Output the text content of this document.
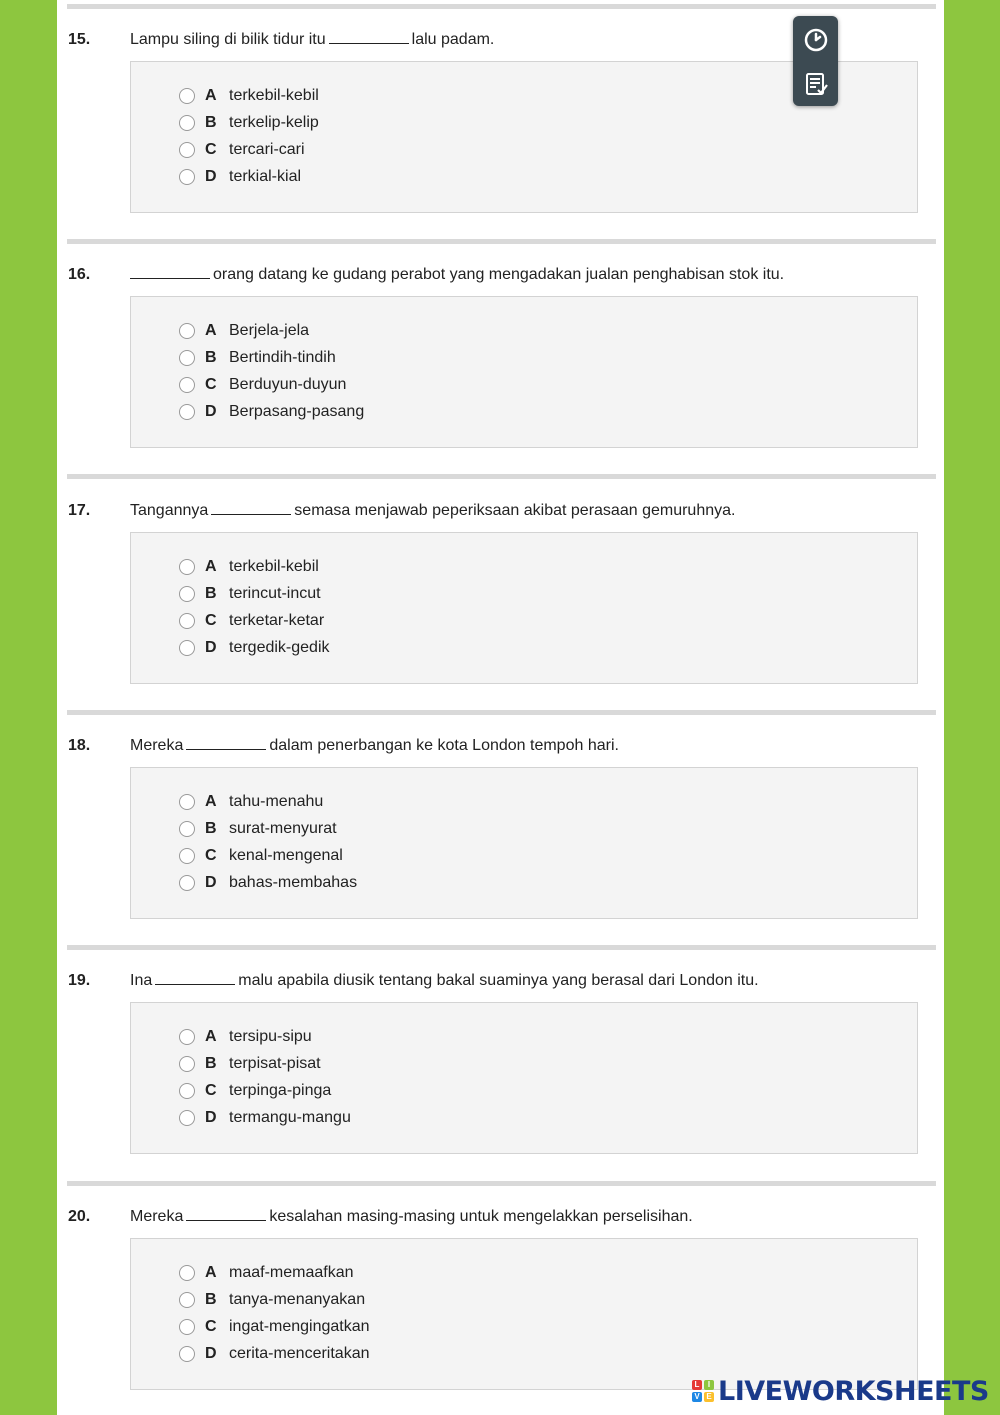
15. Lampu siling di bilik tidur itu	lalu padam.
A terkebil-kebil
B terkelip-kelip
C tercari-cari
D terkial-kial
16.	orang datang ke gudang perabot yang mengadakan jualan penghabisan stok itu.
A Berjela-jela
B Bertindih-tindih
C Berduyun-duyun
D Berpasang-pasang
17. Tangannya	semasa menjawab peperiksaan akibat perasaan gemuruhnya.
A terkebil-kebil
B terincut-incut
C terketar-ketar
D tergedik-gedik
18. Mereka	dalam penerbangan ke kota London tempoh hari.
A tahu-menahu
B surat-menyurat
C kenal-mengenal
D bahas-membahas
19. Ina	malu apabila diusik tentang bakal suaminya yang berasal dari London itu.
A tersipu-sipu
B terpisat-pisat
C terpinga-pinga
D termangu-mangu
20. Mereka	kesalahan masing-masing untuk mengelakkan perselisihan.
A maaf-memaafkan
B tanya-menanyakan
C ingat-mengingatkan
D cerita-menceritakan
L	I
V E LIVEWORKSHEETS
